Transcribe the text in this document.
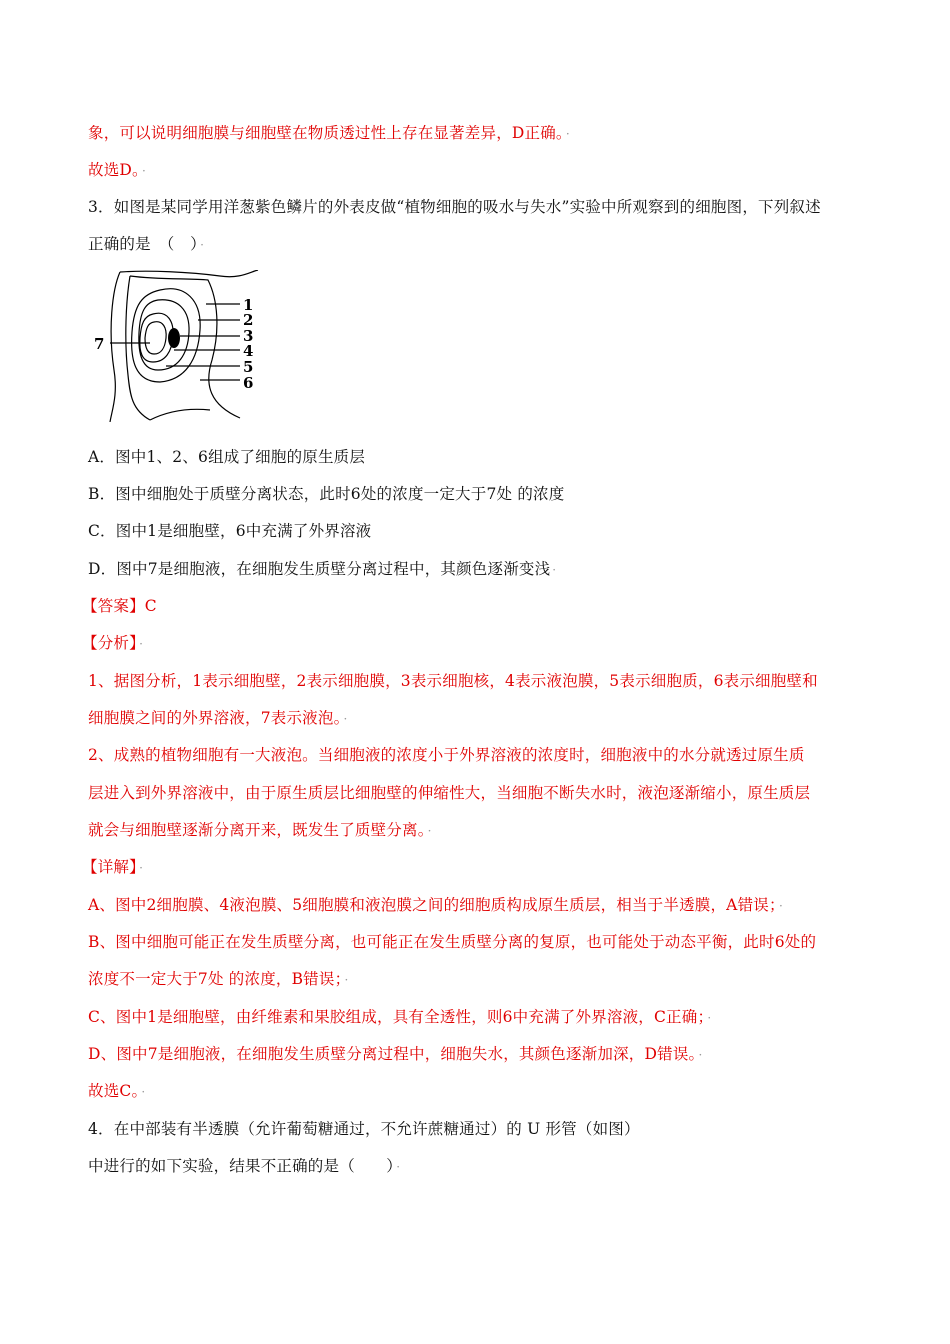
象，可以说明细胞膜与细胞壁在物质透过性上存在显著差异，D正确。 ·
故选D。 ·
3．如图是某同学用洋葱紫色鳞片的外表皮做“植物细胞的吸水与失水”实验中所观察到的细胞图，下列叙述
正确的是　（　） ·
1
2
3
4
5
6
7
A．图中1、2、6组成了细胞的原生质层
B．图中细胞处于质壁分离状态，此时6处的浓度一定大于7处 的浓度
C．图中1是细胞壁，6中充满了外界溶液
D．图中7是细胞液，在细胞发生质壁分离过程中，其颜色逐渐变浅 ·
【答案】C
【分析】 ·
1、据图分析，1表示细胞壁，2表示细胞膜，3表示细胞核，4表示液泡膜，5表示细胞质，6表示细胞壁和
细胞膜之间的外界溶液，7表示液泡。 ·
2、成熟的植物细胞有一大液泡。当细胞液的浓度小于外界溶液的浓度时，细胞液中的水分就透过原生质
层进入到外界溶液中，由于原生质层比细胞壁的伸缩性大，当细胞不断失水时，液泡逐渐缩小，原生质层
就会与细胞壁逐渐分离开来，既发生了质壁分离。 ·
【详解】 ·
A、图中2细胞膜、4液泡膜、5细胞膜和液泡膜之间的细胞质构成原生质层，相当于半透膜，A错误； ·
B、图中细胞可能正在发生质壁分离，也可能正在发生质壁分离的复原，也可能处于动态平衡，此时6处的
浓度不一定大于7处 的浓度，B错误； ·
C、图中1是细胞壁，由纤维素和果胶组成，具有全透性，则6中充满了外界溶液，C正确； ·
D、图中7是细胞液，在细胞发生质壁分离过程中，细胞失水，其颜色逐渐加深，D错误。 ·
故选C。 ·
4．在中部装有半透膜（允许葡萄糖通过，不允许蔗糖通过）的 U 形管（如图）
中进行的如下实验，结果不正确的是（　　） ·
